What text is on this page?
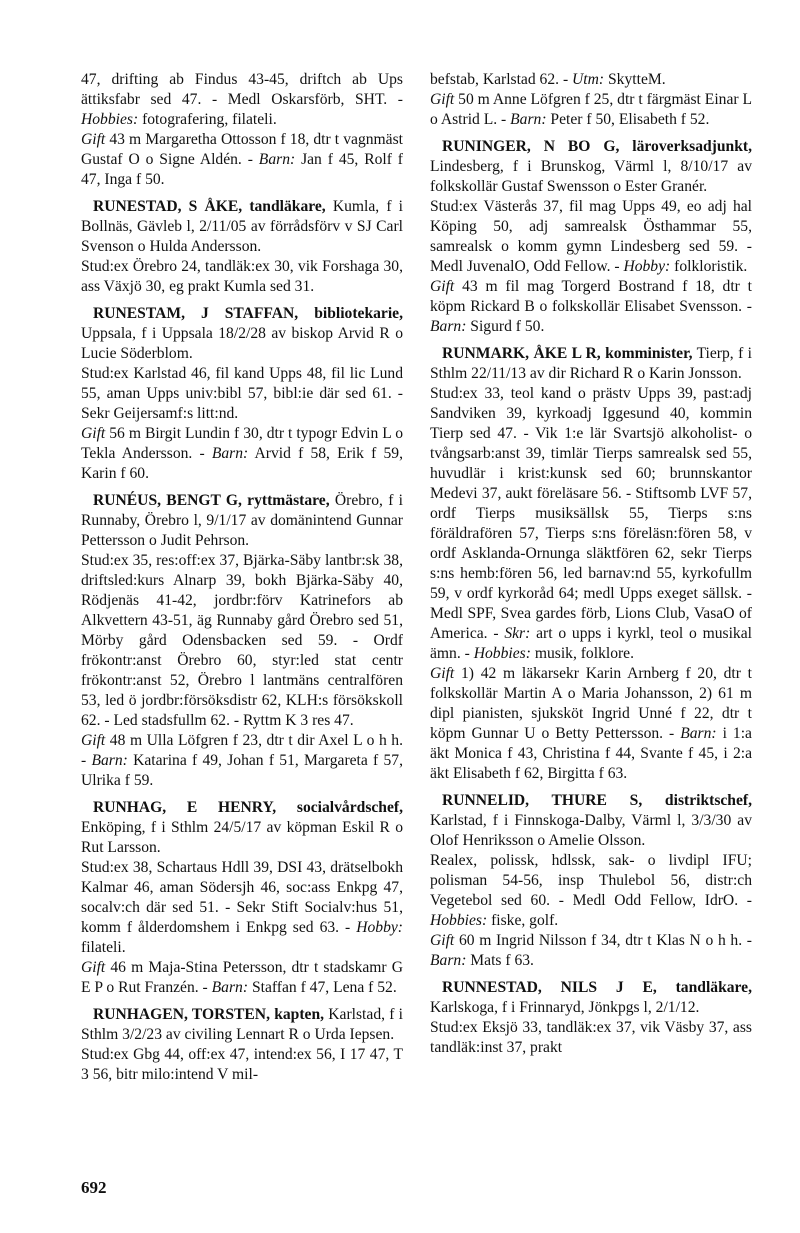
47, drifting ab Findus 43-45, driftch ab Ups ättiksfabr sed 47. - Medl Oskarsförb, SHT. - Hobbies: fotografering, filateli.

Gift 43 m Margaretha Ottosson f 18, dtr t vagnmäst Gustaf O o Signe Aldén. - Barn: Jan f 45, Rolf f 47, Inga f 50.

RUNESTAD, S ÅKE, tandläkare, Kumla, f i Bollnäs, Gävleb l, 2/11/05 av förrådsförv v SJ Carl Svenson o Hulda Andersson.

Stud:ex Örebro 24, tandläk:ex 30, vik Forshaga 30, ass Växjö 30, eg prakt Kumla sed 31.

RUNESTAM, J STAFFAN, bibliotekarie, Uppsala, f i Uppsala 18/2/28 av biskop Arvid R o Lucie Söderblom.

Stud:ex Karlstad 46, fil kand Upps 48, fil lic Lund 55, aman Upps univ:bibl 57, bibl:ie där sed 61. - Sekr Geijersamf:s litt:nd.

Gift 56 m Birgit Lundin f 30, dtr t typogr Edvin L o Tekla Andersson. - Barn: Arvid f 58, Erik f 59, Karin f 60.

RUNÉUS, BENGT G, ryttmästare, Örebro, f i Runnaby, Örebro l, 9/1/17 av domänintend Gunnar Pettersson o Judit Pehrson.

Stud:ex 35, res:off:ex 37, Bjärka-Säby lantbr:sk 38, driftsled:kurs Alnarp 39, bokh Bjärka-Säby 40, Rödjenäs 41-42, jordbr:förv Katrinefors ab Alkvettern 43-51, äg Runnaby gård Örebro sed 51, Mörby gård Odensbacken sed 59. - Ordf frökontr:anst Örebro 60, styr:led stat centr frökontr:anst 52, Örebro l lantmäns centralfören 53, led ö jordbr:försöksdistr 62, KLH:s försökskoll 62. - Led stadsfullm 62. - Ryttm K 3 res 47.

Gift 48 m Ulla Löfgren f 23, dtr t dir Axel L o h h. - Barn: Katarina f 49, Johan f 51, Margareta f 57, Ulrika f 59.

RUNHAG, E HENRY, socialvårdschef, Enköping, f i Sthlm 24/5/17 av köpman Eskil R o Rut Larsson.

Stud:ex 38, Schartaus Hdll 39, DSI 43, drätselbokh Kalmar 46, aman Södersjh 46, soc:ass Enkpg 47, socalv:ch där sed 51. - Sekr Stift Socialv:hus 51, komm f ålderdomshem i Enkpg sed 63. - Hobby: filateli.

Gift 46 m Maja-Stina Petersson, dtr t stadskamr G E P o Rut Franzén. - Barn: Staffan f 47, Lena f 52.

RUNHAGEN, TORSTEN, kapten, Karlstad, f i Sthlm 3/2/23 av civiling Lennart R o Urda Iepsen.

Stud:ex Gbg 44, off:ex 47, intend:ex 56, I 17 47, T 3 56, bitr milo:intend V mil-

befstab, Karlstad 62. - Utm: SkytteM.

Gift 50 m Anne Löfgren f 25, dtr t färgmäst Einar L o Astrid L. - Barn: Peter f 50, Elisabeth f 52.

RUNINGER, N BO G, läroverksadjunkt, Lindesberg, f i Brunskog, Värml l, 8/10/17 av folkskollär Gustaf Swensson o Ester Granér.

Stud:ex Västerås 37, fil mag Upps 49, eo adj hal Köping 50, adj samrealsk Östhammar 55, samrealsk o komm gymn Lindesberg sed 59. - Medl JuvenalO, Odd Fellow. - Hobby: folkloristik.

Gift 43 m fil mag Torgerd Bostrand f 18, dtr t köpm Rickard B o folkskollär Elisabet Svensson. - Barn: Sigurd f 50.

RUNMARK, ÅKE L R, komminister, Tierp, f i Sthlm 22/11/13 av dir Richard R o Karin Jonsson.

Stud:ex 33, teol kand o prästv Upps 39, past:adj Sandviken 39, kyrkoadj Iggesund 40, kommin Tierp sed 47. - Vik 1:e lär Svartsjö alkoholist- o tvångsarb:anst 39, timlär Tierps samrealsk sed 55, huvudlär i krist:kunsk sed 60; brunnskantor Medevi 37, aukt föreläsare 56. - Stiftsomb LVF 57, ordf Tierps musiksällsk 55, Tierps s:ns föräldrafören 57, Tierps s:ns föreläsn:fören 58, v ordf Asklanda-Ornunga släktfören 62, sekr Tierps s:ns hemb:fören 56, led barnav:nd 55, kyrkofullm 59, v ordf kyrkoråd 64; medl Upps exeget sällsk. - Medl SPF, Svea gardes förb, Lions Club, VasaO of America. - Skr: art o upps i kyrkl, teol o musikal ämn. - Hobbies: musik, folklore.

Gift 1) 42 m läkarsekr Karin Arnberg f 20, dtr t folkskollär Martin A o Maria Johansson, 2) 61 m dipl pianisten, sjuksköt Ingrid Unné f 22, dtr t köpm Gunnar U o Betty Pettersson. - Barn: i 1:a äkt Monica f 43, Christina f 44, Svante f 45, i 2:a äkt Elisabeth f 62, Birgitta f 63.

RUNNELID, THURE S, distriktschef, Karlstad, f i Finnskoga-Dalby, Värml l, 3/3/30 av Olof Henriksson o Amelie Olsson.

Realex, polissk, hdlssk, sak- o livdipl IFU; polisman 54-56, insp Thulebol 56, distr:ch Vegetebol sed 60. - Medl Odd Fellow, IdrO. - Hobbies: fiske, golf.

Gift 60 m Ingrid Nilsson f 34, dtr t Klas N o h h. - Barn: Mats f 63.

RUNNESTAD, NILS J E, tandläkare, Karlskoga, f i Frinnaryd, Jönkpgs l, 2/1/12.

Stud:ex Eksjö 33, tandläk:ex 37, vik Väsby 37, ass tandläk:inst 37, prakt

692
